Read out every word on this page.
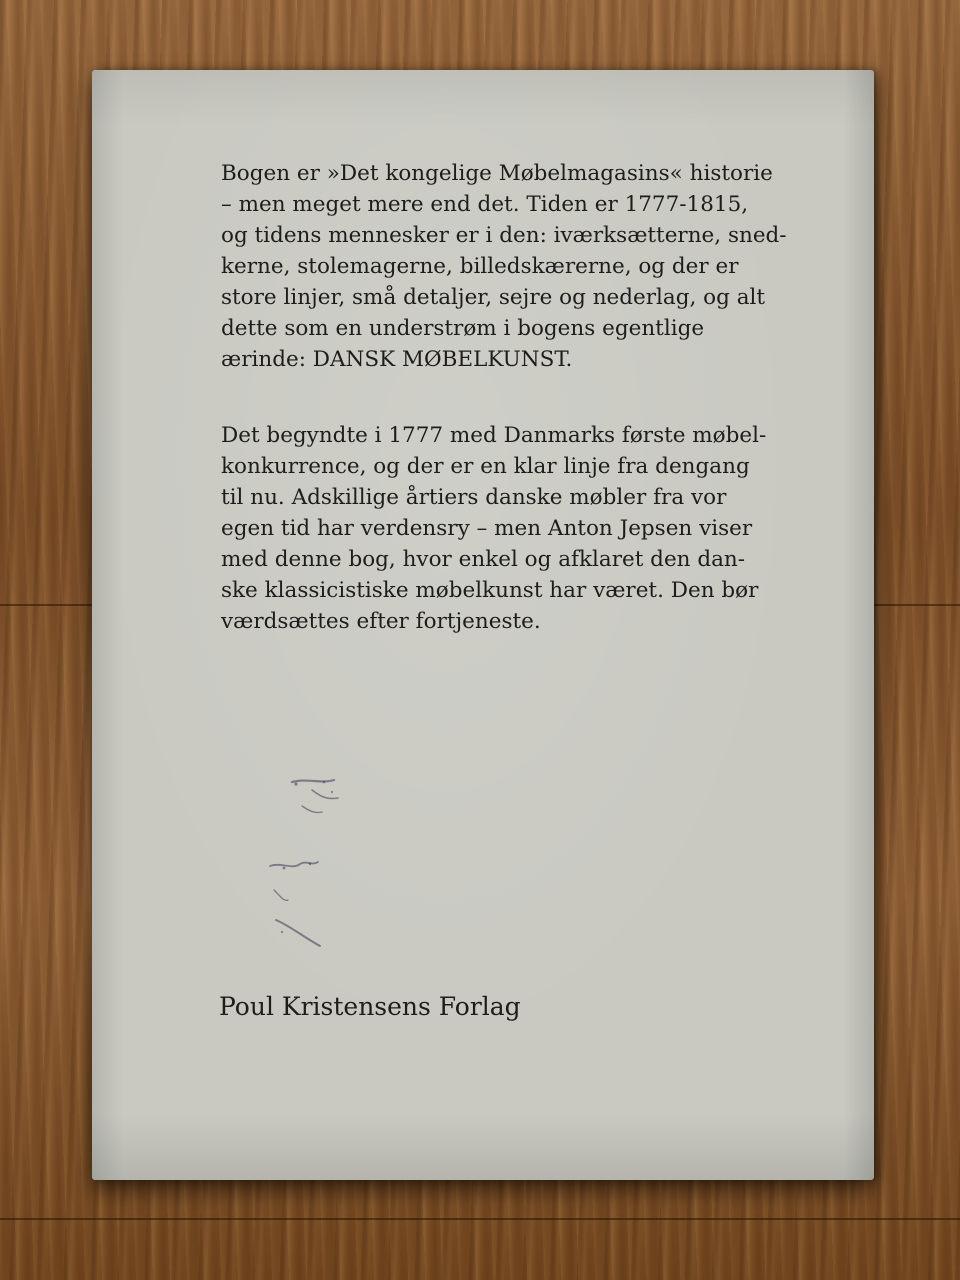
Bogen er »Det kongelige Møbelmagasins« historie
– men meget mere end det. Tiden er 1777-1815,
og tidens mennesker er i den: iværksætterne, sned-
kerne, stolemagerne, billedskærerne, og der er
store linjer, små detaljer, sejre og nederlag, og alt
dette som en understrøm i bogens egentlige
ærinde: DANSK MØBELKUNST.

Det begyndte i 1777 med Danmarks første møbel-
konkurrence, og der er en klar linje fra dengang
til nu. Adskillige årtiers danske møbler fra vor
egen tid har verdensry – men Anton Jepsen viser
med denne bog, hvor enkel og afklaret den dan-
ske klassicistiske møbelkunst har været. Den bør
værdsættes efter fortjeneste.

Poul Kristensens Forlag
